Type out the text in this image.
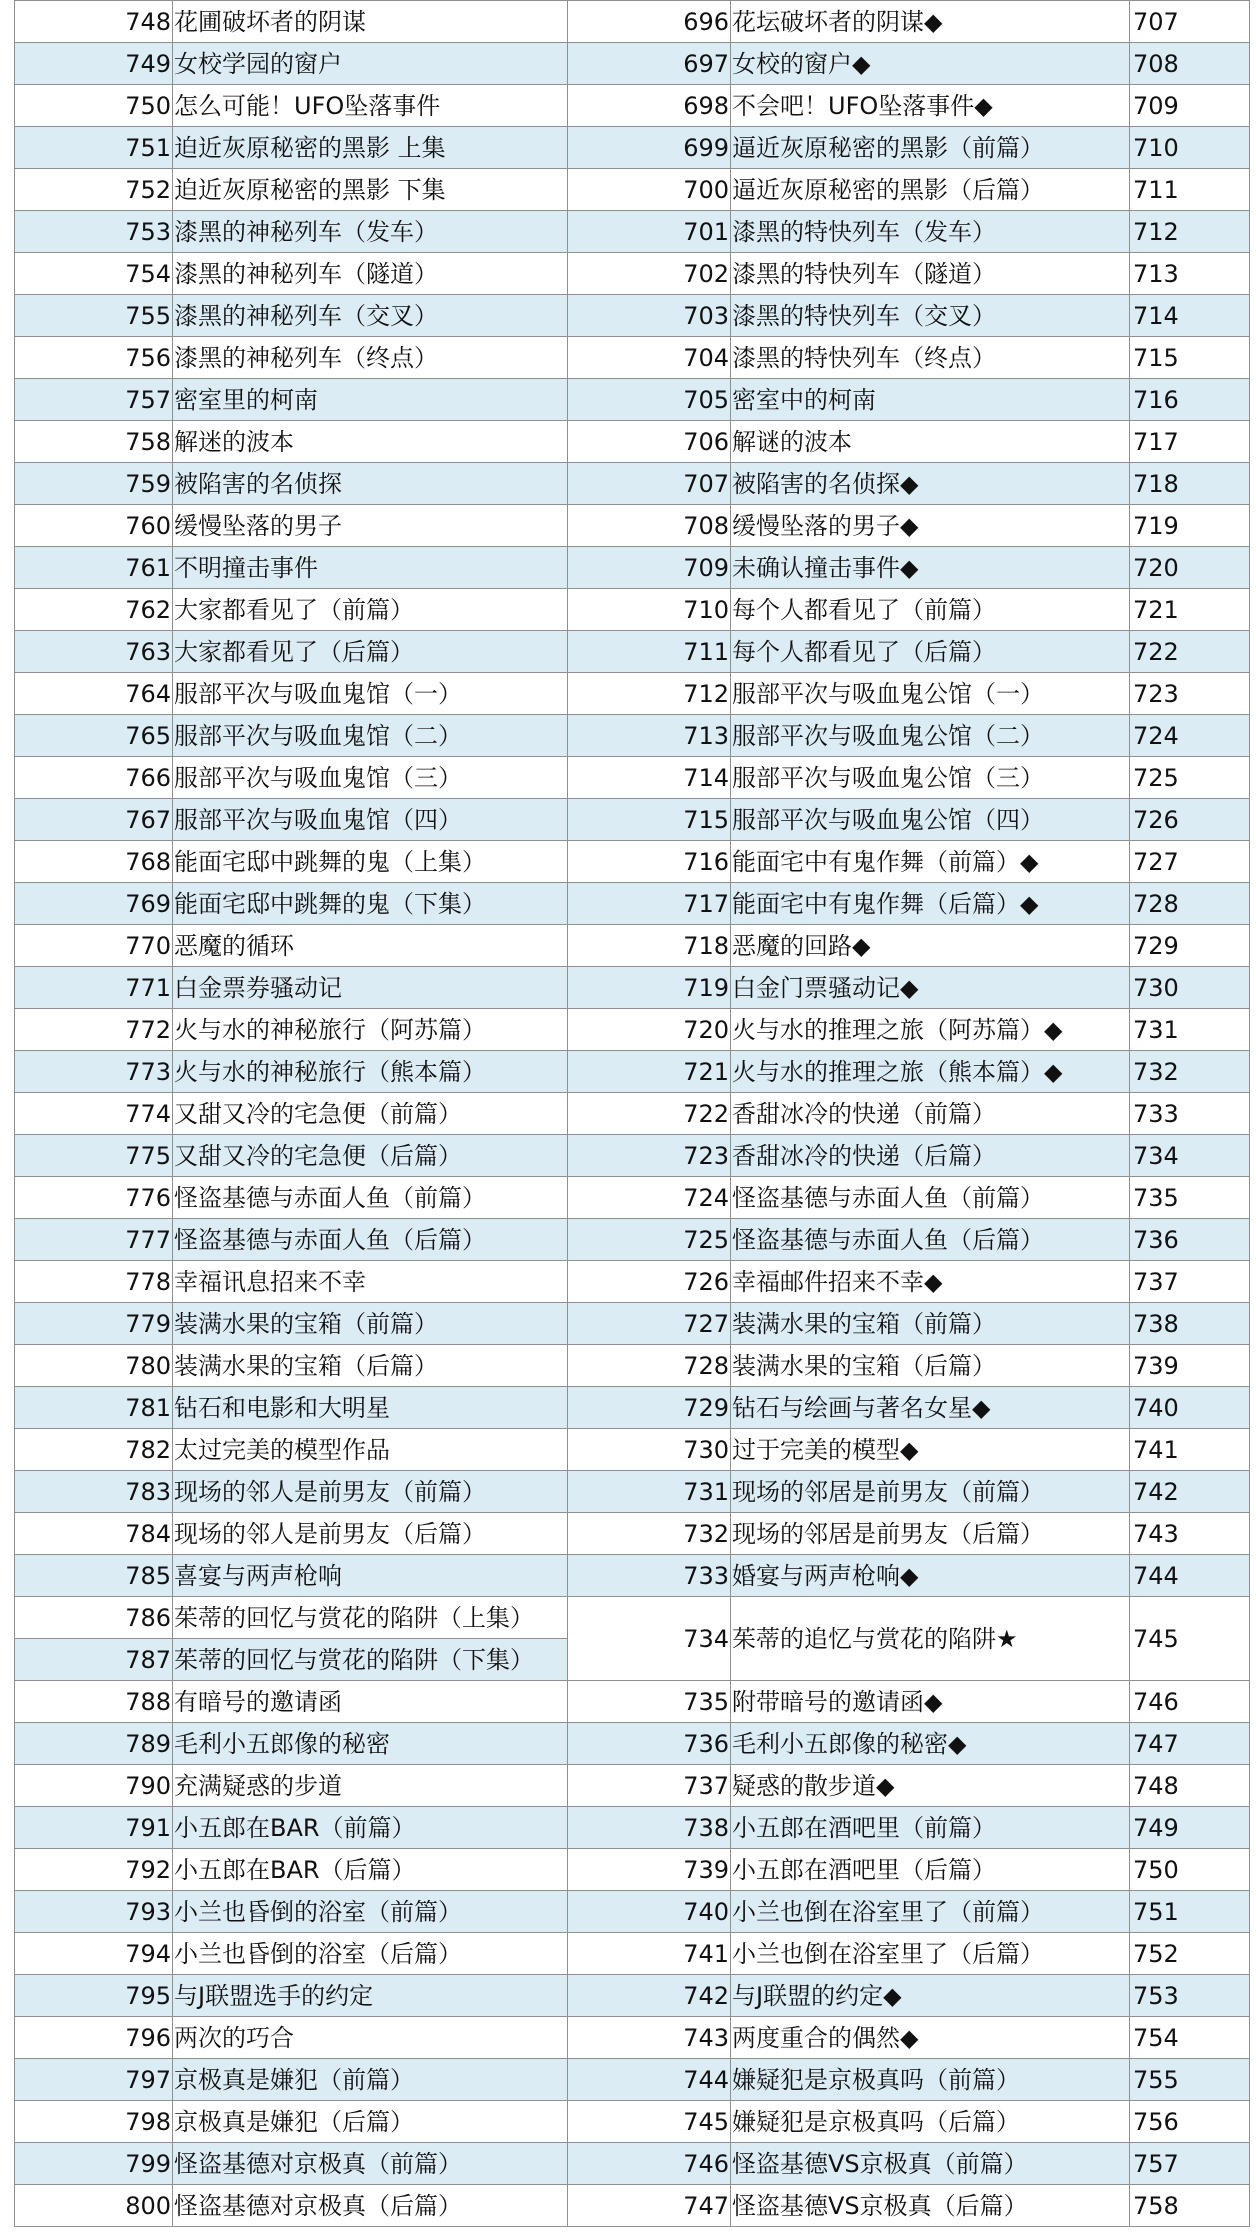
748	花圃破坏者的阴谋	696	花坛破坏者的阴谋◆	707
749	女校学园的窗户	697	女校的窗户◆	708
750	怎么可能！UFO坠落事件	698	不会吧！UFO坠落事件◆	709
751	迫近灰原秘密的黑影 上集	699	逼近灰原秘密的黑影（前篇）	710
752	迫近灰原秘密的黑影 下集	700	逼近灰原秘密的黑影（后篇）	711
753	漆黑的神秘列车（发车）	701	漆黑的特快列车（发车）	712
754	漆黑的神秘列车（隧道）	702	漆黑的特快列车（隧道）	713
755	漆黑的神秘列车（交叉）	703	漆黑的特快列车（交叉）	714
756	漆黑的神秘列车（终点）	704	漆黑的特快列车（终点）	715
757	密室里的柯南	705	密室中的柯南	716
758	解迷的波本	706	解谜的波本	717
759	被陷害的名侦探	707	被陷害的名侦探◆	718
760	缓慢坠落的男子	708	缓慢坠落的男子◆	719
761	不明撞击事件	709	未确认撞击事件◆	720
762	大家都看见了（前篇）	710	每个人都看见了（前篇）	721
763	大家都看见了（后篇）	711	每个人都看见了（后篇）	722
764	服部平次与吸血鬼馆（一）	712	服部平次与吸血鬼公馆（一）	723
765	服部平次与吸血鬼馆（二）	713	服部平次与吸血鬼公馆（二）	724
766	服部平次与吸血鬼馆（三）	714	服部平次与吸血鬼公馆（三）	725
767	服部平次与吸血鬼馆（四）	715	服部平次与吸血鬼公馆（四）	726
768	能面宅邸中跳舞的鬼（上集）	716	能面宅中有鬼作舞（前篇）◆	727
769	能面宅邸中跳舞的鬼（下集）	717	能面宅中有鬼作舞（后篇）◆	728
770	恶魔的循环	718	恶魔的回路◆	729
771	白金票券骚动记	719	白金门票骚动记◆	730
772	火与水的神秘旅行（阿苏篇）	720	火与水的推理之旅（阿苏篇）◆	731
773	火与水的神秘旅行（熊本篇）	721	火与水的推理之旅（熊本篇）◆	732
774	又甜又冷的宅急便（前篇）	722	香甜冰冷的快递（前篇）	733
775	又甜又冷的宅急便（后篇）	723	香甜冰冷的快递（后篇）	734
776	怪盗基德与赤面人鱼（前篇）	724	怪盗基德与赤面人鱼（前篇）	735
777	怪盗基德与赤面人鱼（后篇）	725	怪盗基德与赤面人鱼（后篇）	736
778	幸福讯息招来不幸	726	幸福邮件招来不幸◆	737
779	装满水果的宝箱（前篇）	727	装满水果的宝箱（前篇）	738
780	装满水果的宝箱（后篇）	728	装满水果的宝箱（后篇）	739
781	钻石和电影和大明星	729	钻石与绘画与著名女星◆	740
782	太过完美的模型作品	730	过于完美的模型◆	741
783	现场的邻人是前男友（前篇）	731	现场的邻居是前男友（前篇）	742
784	现场的邻人是前男友（后篇）	732	现场的邻居是前男友（后篇）	743
785	喜宴与两声枪响	733	婚宴与两声枪响◆	744
786	茱蒂的回忆与赏花的陷阱（上集）	734	茱蒂的追忆与赏花的陷阱★	745
787	茱蒂的回忆与赏花的陷阱（下集）			
788	有暗号的邀请函	735	附带暗号的邀请函◆	746
789	毛利小五郎像的秘密	736	毛利小五郎像的秘密◆	747
790	充满疑惑的步道	737	疑惑的散步道◆	748
791	小五郎在BAR（前篇）	738	小五郎在酒吧里（前篇）	749
792	小五郎在BAR（后篇）	739	小五郎在酒吧里（后篇）	750
793	小兰也昏倒的浴室（前篇）	740	小兰也倒在浴室里了（前篇）	751
794	小兰也昏倒的浴室（后篇）	741	小兰也倒在浴室里了（后篇）	752
795	与J联盟选手的约定	742	与J联盟的约定◆	753
796	两次的巧合	743	两度重合的偶然◆	754
797	京极真是嫌犯（前篇）	744	嫌疑犯是京极真吗（前篇）	755
798	京极真是嫌犯（后篇）	745	嫌疑犯是京极真吗（后篇）	756
799	怪盗基德对京极真（前篇）	746	怪盗基德VS京极真（前篇）	757
800	怪盗基德对京极真（后篇）	747	怪盗基德VS京极真（后篇）	758
